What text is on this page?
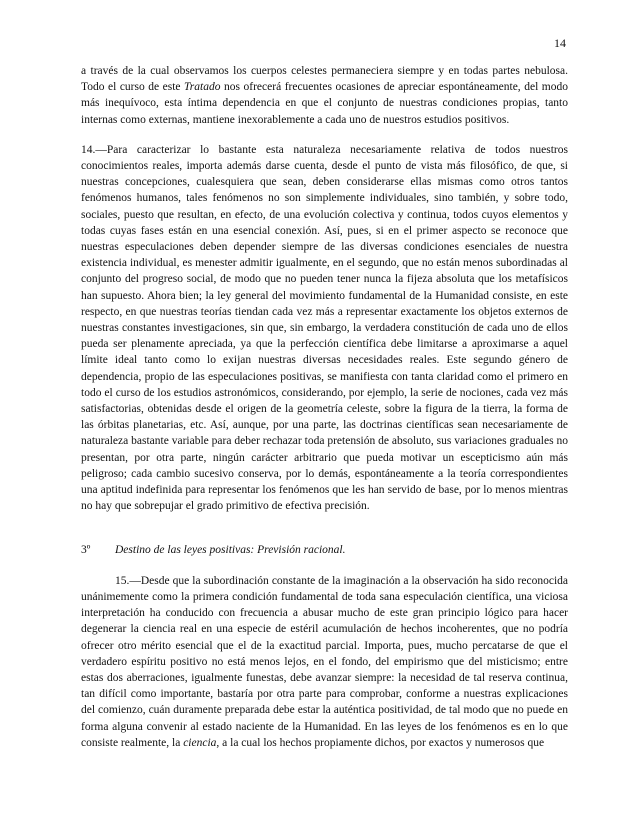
14

a través de la cual observamos los cuerpos celestes permaneciera siempre y en todas partes nebulosa. Todo el curso de este Tratado nos ofrecerá frecuentes ocasiones de apreciar espontáneamente, del modo más inequívoco, esta íntima dependencia en que el conjunto de nuestras condiciones propias, tanto internas como externas, mantiene inexorablemente a cada uno de nuestros estudios positivos.

14.—Para caracterizar lo bastante esta naturaleza necesariamente relativa de todos nuestros conocimientos reales, importa además darse cuenta, desde el punto de vista más filosófico, de que, si nuestras concepciones, cualesquiera que sean, deben considerarse ellas mismas como otros tantos fenómenos humanos, tales fenómenos no son simplemente individuales, sino también, y sobre todo, sociales, puesto que resultan, en efecto, de una evolución colectiva y continua, todos cuyos elementos y todas cuyas fases están en una esencial conexión. Así, pues, si en el primer aspecto se reconoce que nuestras especulaciones deben depender siempre de las diversas condiciones esenciales de nuestra existencia individual, es menester admitir igualmente, en el segundo, que no están menos subordinadas al conjunto del progreso social, de modo que no pueden tener nunca la fijeza absoluta que los metafísicos han supuesto. Ahora bien; la ley general del movimiento fundamental de la Humanidad consiste, en este respecto, en que nuestras teorías tiendan cada vez más a representar exactamente los objetos externos de nuestras constantes investigaciones, sin que, sin embargo, la verdadera constitución de cada uno de ellos pueda ser plenamente apreciada, ya que la perfección científica debe limitarse a aproximarse a aquel límite ideal tanto como lo exijan nuestras diversas necesidades reales. Este segundo género de dependencia, propio de las especulaciones positivas, se manifiesta con tanta claridad como el primero en todo el curso de los estudios astronómicos, considerando, por ejemplo, la serie de nociones, cada vez más satisfactorias, obtenidas desde el origen de la geometría celeste, sobre la figura de la tierra, la forma de las órbitas planetarias, etc. Así, aunque, por una parte, las doctrinas científicas sean necesariamente de naturaleza bastante variable para deber rechazar toda pretensión de absoluto, sus variaciones graduales no presentan, por otra parte, ningún carácter arbitrario que pueda motivar un escepticismo aún más peligroso; cada cambio sucesivo conserva, por lo demás, espontáneamente a la teoría correspondientes una aptitud indefinida para representar los fenómenos que les han servido de base, por lo menos mientras no hay que sobrepujar el grado primitivo de efectiva precisión.

3º	Destino de las leyes positivas: Previsión racional.

15.—Desde que la subordinación constante de la imaginación a la observación ha sido reconocida unánimemente como la primera condición fundamental de toda sana especulación científica, una viciosa interpretación ha conducido con frecuencia a abusar mucho de este gran principio lógico para hacer degenerar la ciencia real en una especie de estéril acumulación de hechos incoherentes, que no podría ofrecer otro mérito esencial que el de la exactitud parcial. Importa, pues, mucho percatarse de que el verdadero espíritu positivo no está menos lejos, en el fondo, del empirismo que del misticismo; entre estas dos aberraciones, igualmente funestas, debe avanzar siempre: la necesidad de tal reserva continua, tan difícil como importante, bastaría por otra parte para comprobar, conforme a nuestras explicaciones del comienzo, cuán duramente preparada debe estar la auténtica positividad, de tal modo que no puede en forma alguna convenir al estado naciente de la Humanidad. En las leyes de los fenómenos es en lo que consiste realmente, la ciencia, a la cual los hechos propiamente dichos, por exactos y numerosos que
